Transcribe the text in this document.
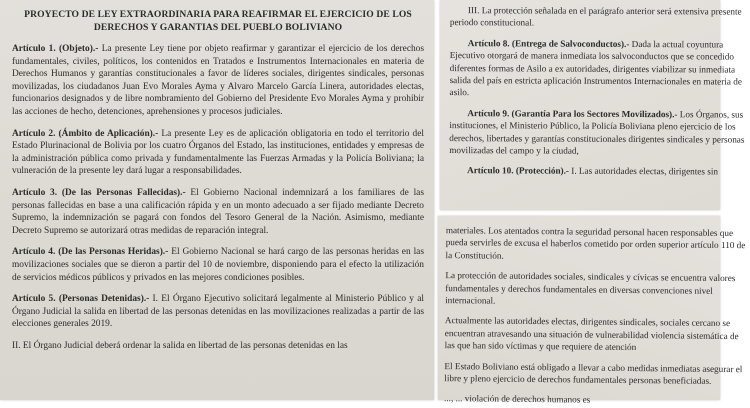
PROYECTO DE LEY EXTRAORDINARIA PARA REAFIRMAR EL EJERCICIO DE LOS DERECHOS Y GARANTIAS DEL PUEBLO BOLIVIANO

Artículo 1. (Objeto).- La presente Ley tiene por objeto reafirmar y garantizar el ejercicio de los derechos fundamentales, civiles, políticos, los contenidos en Tratados e Instrumentos Internacionales en materia de Derechos Humanos y garantías constitucionales a favor de líderes sociales, dirigentes sindicales, personas movilizadas, los ciudadanos Juan Evo Morales Ayma y Alvaro Marcelo García Linera, autoridades electas, funcionarios designados y de libre nombramiento del Gobierno del Presidente Evo Morales Ayma y prohibir las acciones de hecho, detenciones, aprehensiones y procesos judiciales.

Artículo 2. (Ámbito de Aplicación).- La presente Ley es de aplicación obligatoria en todo el territorio del Estado Plurinacional de Bolivia por los cuatro Órganos del Estado, las instituciones, entidades y empresas de la administración pública como privada y fundamentalmente las Fuerzas Armadas y la Policía Boliviana; la vulneración de la presente ley dará lugar a responsabilidades.

Artículo 3. (De las Personas Fallecidas).- El Gobierno Nacional indemnizará a los familiares de las personas fallecidas en base a una calificación rápida y en un monto adecuado a ser fijado mediante Decreto Supremo, la indemnización se pagará con fondos del Tesoro General de la Nación. Asimismo, mediante Decreto Supremo se autorizará otras medidas de reparación integral.

Artículo 4. (De las Personas Heridas).- El Gobierno Nacional se hará cargo de las personas heridas en las movilizaciones sociales que se dieron a partir del 10 de noviembre, disponiendo para el efecto la utilización de servicios médicos públicos y privados en las mejores condiciones posibles.

Artículo 5. (Personas Detenidas).- I. El Órgano Ejecutivo solicitará legalmente al Ministerio Público y al Órgano Judicial la salida en libertad de las personas detenidas en las movilizaciones realizadas a partir de las elecciones generales 2019.

II. El Órgano Judicial deberá ordenar la salida en libertad de las personas detenidas en las

III. La protección señalada en el parágrafo anterior será extensiva presente periodo constitucional.

Artículo 8. (Entrega de Salvoconductos).- Dada la actual coyuntura Ejecutivo otorgará de manera inmediata los salvoconductos que se concedido diferentes formas de Asilo a ex autoridades, dirigentes viabilizar su inmediata salida del país en estricta aplicación Instrumentos Internacionales en materia de asilo.

Artículo 9. (Garantía Para los Sectores Movilizados).- Los Órganos, sus instituciones, el Ministerio Público, la Policía Boliviana pleno ejercicio de los derechos, libertades y garantías constitucionales dirigentes sindicales y personas movilizadas del campo y la ciudad,

Artículo 10. (Protección).- I. Las autoridades electas, dirigentes sin

materiales. Los atentados contra la seguridad personal hacen responsables que pueda servirles de excusa el haberlos cometido por orden superior artículo 110 de la Constitución.

La protección de autoridades sociales, sindicales y cívicas se encuentra valores fundamentales y derechos fundamentales en diversas convenciones nivel internacional.

Actualmente las autoridades electas, dirigentes sindicales, sociales cercano se encuentran atravesando una situación de vulnerabilidad violencia sistemática de las que han sido víctimas y que requiere de atención

El Estado Boliviano está obligado a llevar a cabo medidas inmediatas asegurar el libre y pleno ejercicio de derechos fundamentales personas beneficiadas.

..., ... violación de derechos humanos es
